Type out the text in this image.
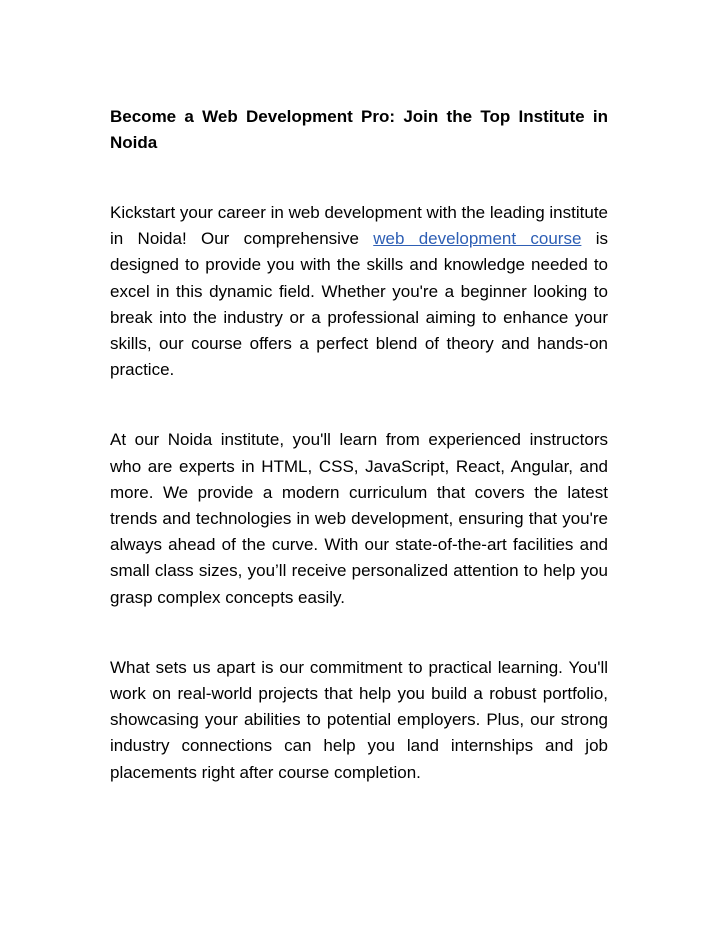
Become a Web Development Pro: Join the Top Institute in Noida

Kickstart your career in web development with the leading institute in Noida! Our comprehensive web development course is designed to provide you with the skills and knowledge needed to excel in this dynamic field. Whether you're a beginner looking to break into the industry or a professional aiming to enhance your skills, our course offers a perfect blend of theory and hands-on practice.

At our Noida institute, you'll learn from experienced instructors who are experts in HTML, CSS, JavaScript, React, Angular, and more. We provide a modern curriculum that covers the latest trends and technologies in web development, ensuring that you're always ahead of the curve. With our state-of-the-art facilities and small class sizes, you’ll receive personalized attention to help you grasp complex concepts easily.

What sets us apart is our commitment to practical learning. You'll work on real-world projects that help you build a robust portfolio, showcasing your abilities to potential employers. Plus, our strong industry connections can help you land internships and job placements right after course completion.
